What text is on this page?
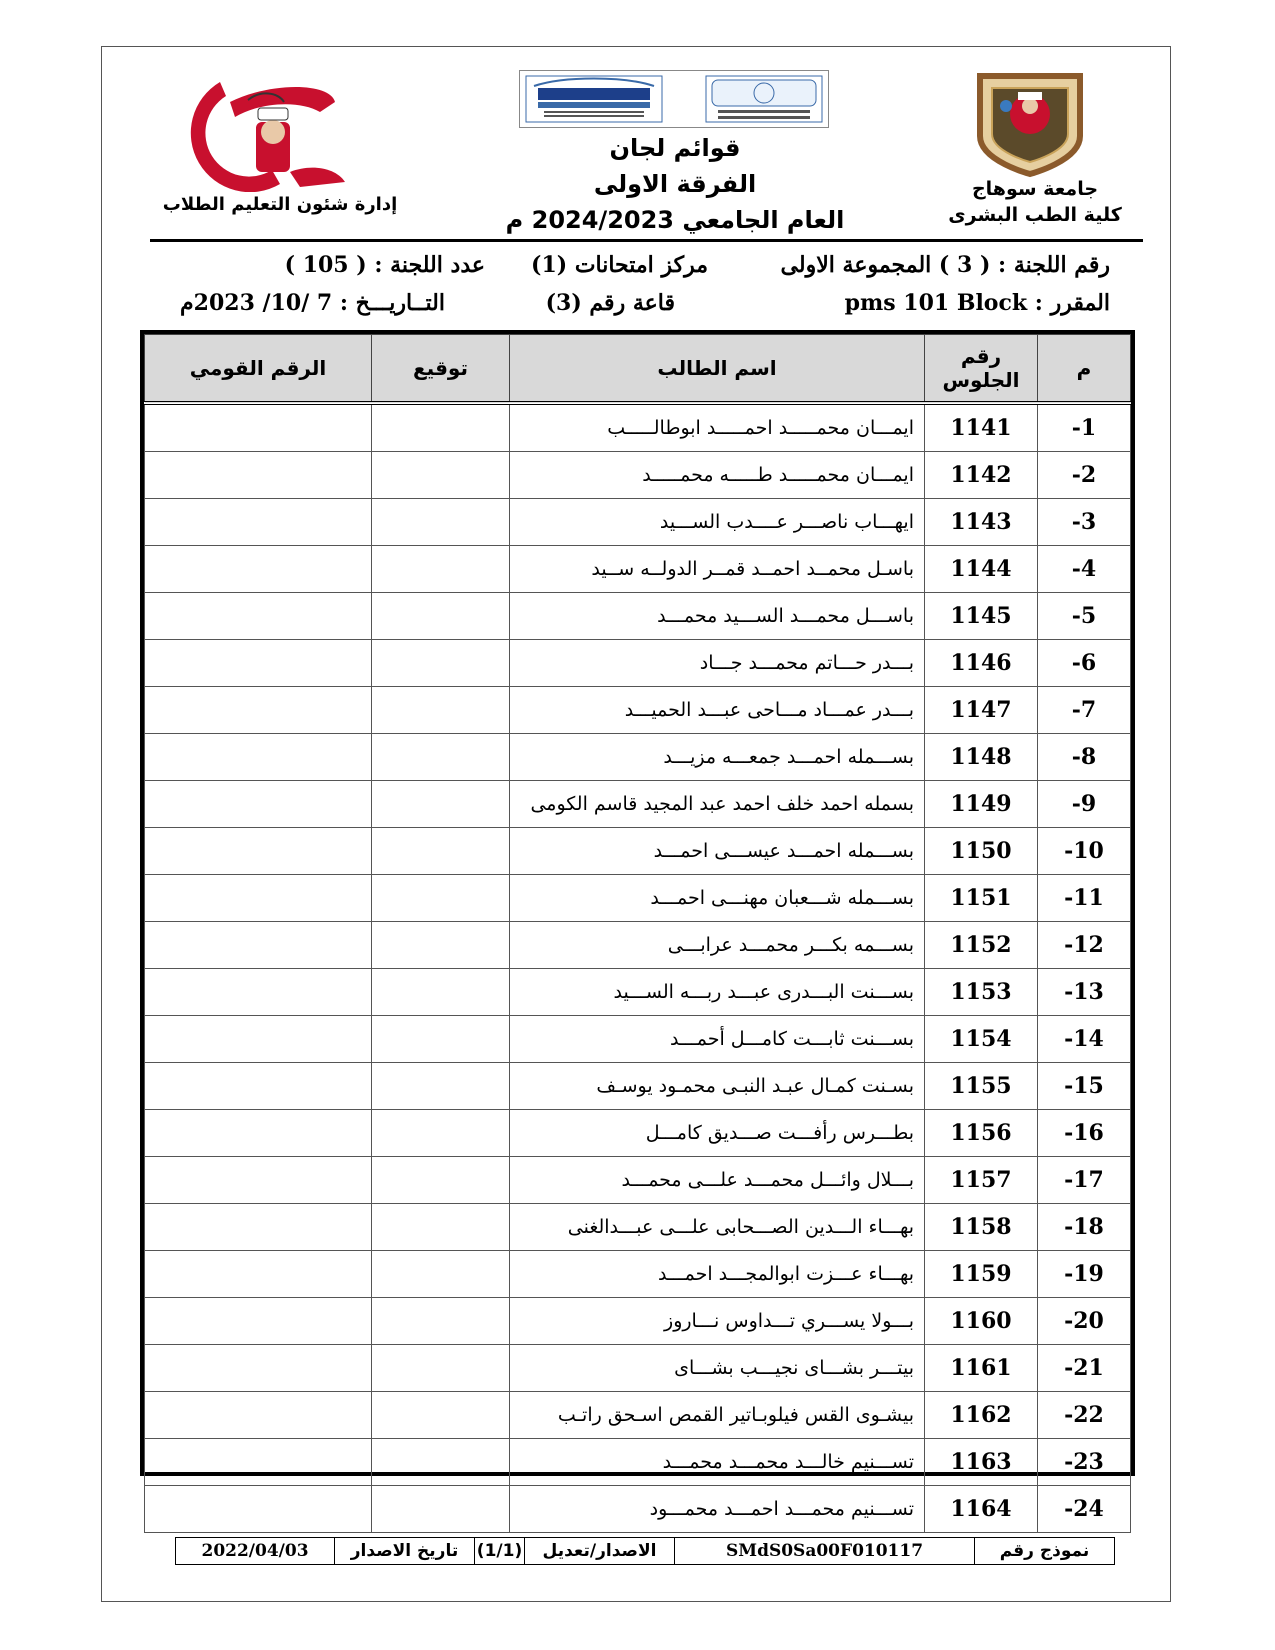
إدارة شئون التعليم الطلاب
جامعة سوهاج
كلية الطب البشرى
قوائم لجان
الفرقة الاولى
العام الجامعي 2024/2023 م
رقم اللجنة : ( 3 ) المجموعة الاولى
مركز امتحانات (1)
عدد اللجنة : ( 105 )
المقرر : pms 101 Block
قاعة رقم (3)
التــاريـــخ : 7 /10/ 2023م
م	رقم الجلوس	اسم الطالب	توقيع	الرقم القومي
1-	1141	ايمـــان محمـــــد احمـــــد ابوطالـــــب		
2-	1142	ايمـــان محمـــــد طـــــه محمـــــد		
3-	1143	ايهـــاب ناصـــر عــــدب الســـيد		
4-	1144	باسـل محمــد احمــد قمــر الدولــه ســيد		
5-	1145	باســـل محمـــد الســـيد محمـــد		
6-	1146	بـــدر حـــاتم محمـــد جـــاد		
7-	1147	بـــدر عمـــاد مـــاحى عبـــد الحميـــد		
8-	1148	بســـمله احمـــد جمعـــه مزيـــد		
9-	1149	بسمله احمد خلف احمد عبد المجيد قاسم الكومى		
10-	1150	بســـمله احمـــد عيســـى احمـــد		
11-	1151	بســـمله شـــعبان مهنـــى احمـــد		
12-	1152	بســـمه بكـــر محمـــد عرابـــى		
13-	1153	بســـنت البـــدرى عبـــد ربـــه الســـيد		
14-	1154	بســـنت ثابـــت كامـــل أحمـــد		
15-	1155	بسـنت كمـال عبـد النبـى محمـود يوسـف		
16-	1156	بطـــرس رأفـــت صـــديق كامـــل		
17-	1157	بـــلال وائـــل محمـــد علـــى محمـــد		
18-	1158	بهـــاء الـــدين الصـــحابى علـــى عبـــدالغنى		
19-	1159	بهـــاء عـــزت ابوالمجـــد احمـــد		
20-	1160	بـــولا يســـري تـــداوس نـــاروز		
21-	1161	بيتـــر بشـــاى نجيـــب بشـــاى		
22-	1162	بيشـوى القس فيلوبـاتير القمص اسـحق راتـب		
23-	1163	تســـنيم خالـــد محمـــد محمـــد		
24-	1164	تســـنيم محمـــد احمـــد محمـــود		
نموذج رقم
SMdS0Sa00F010117
الاصدار/تعديل
(1/1)
تاريخ الاصدار
2022/04/03
